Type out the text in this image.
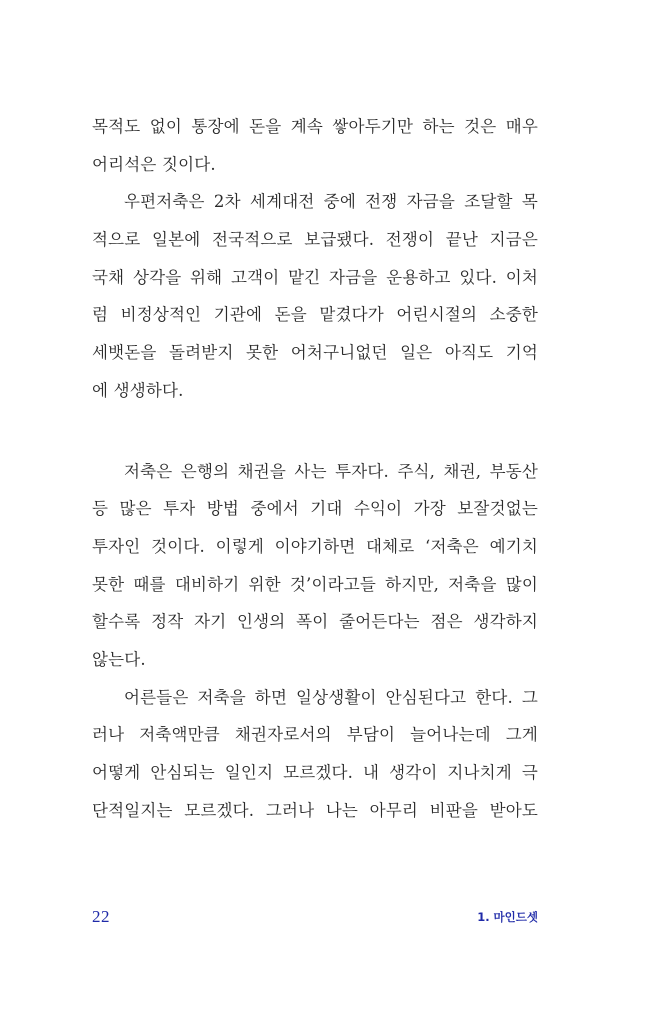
목적도 없이 통장에 돈을 계속 쌓아두기만 하는 것은 매우
어리석은 짓이다.
우편저축은 2차 세계대전 중에 전쟁 자금을 조달할 목
적으로 일본에 전국적으로 보급됐다. 전쟁이 끝난 지금은
국채 상각을 위해 고객이 맡긴 자금을 운용하고 있다. 이처
럼 비정상적인 기관에 돈을 맡겼다가 어린시절의 소중한
세뱃돈을 돌려받지 못한 어처구니없던 일은 아직도 기억
에 생생하다.
저축은 은행의 채권을 사는 투자다. 주식, 채권, 부동산
등 많은 투자 방법 중에서 기대 수익이 가장 보잘것없는
투자인 것이다. 이렇게 이야기하면 대체로 ‘저축은 예기치
못한 때를 대비하기 위한 것’이라고들 하지만, 저축을 많이
할수록 정작 자기 인생의 폭이 줄어든다는 점은 생각하지
않는다.
어른들은 저축을 하면 일상생활이 안심된다고 한다. 그
러나 저축액만큼 채권자로서의 부담이 늘어나는데 그게
어떻게 안심되는 일인지 모르겠다. 내 생각이 지나치게 극
단적일지는 모르겠다. 그러나 나는 아무리 비판을 받아도
22	1. 마인드셋
